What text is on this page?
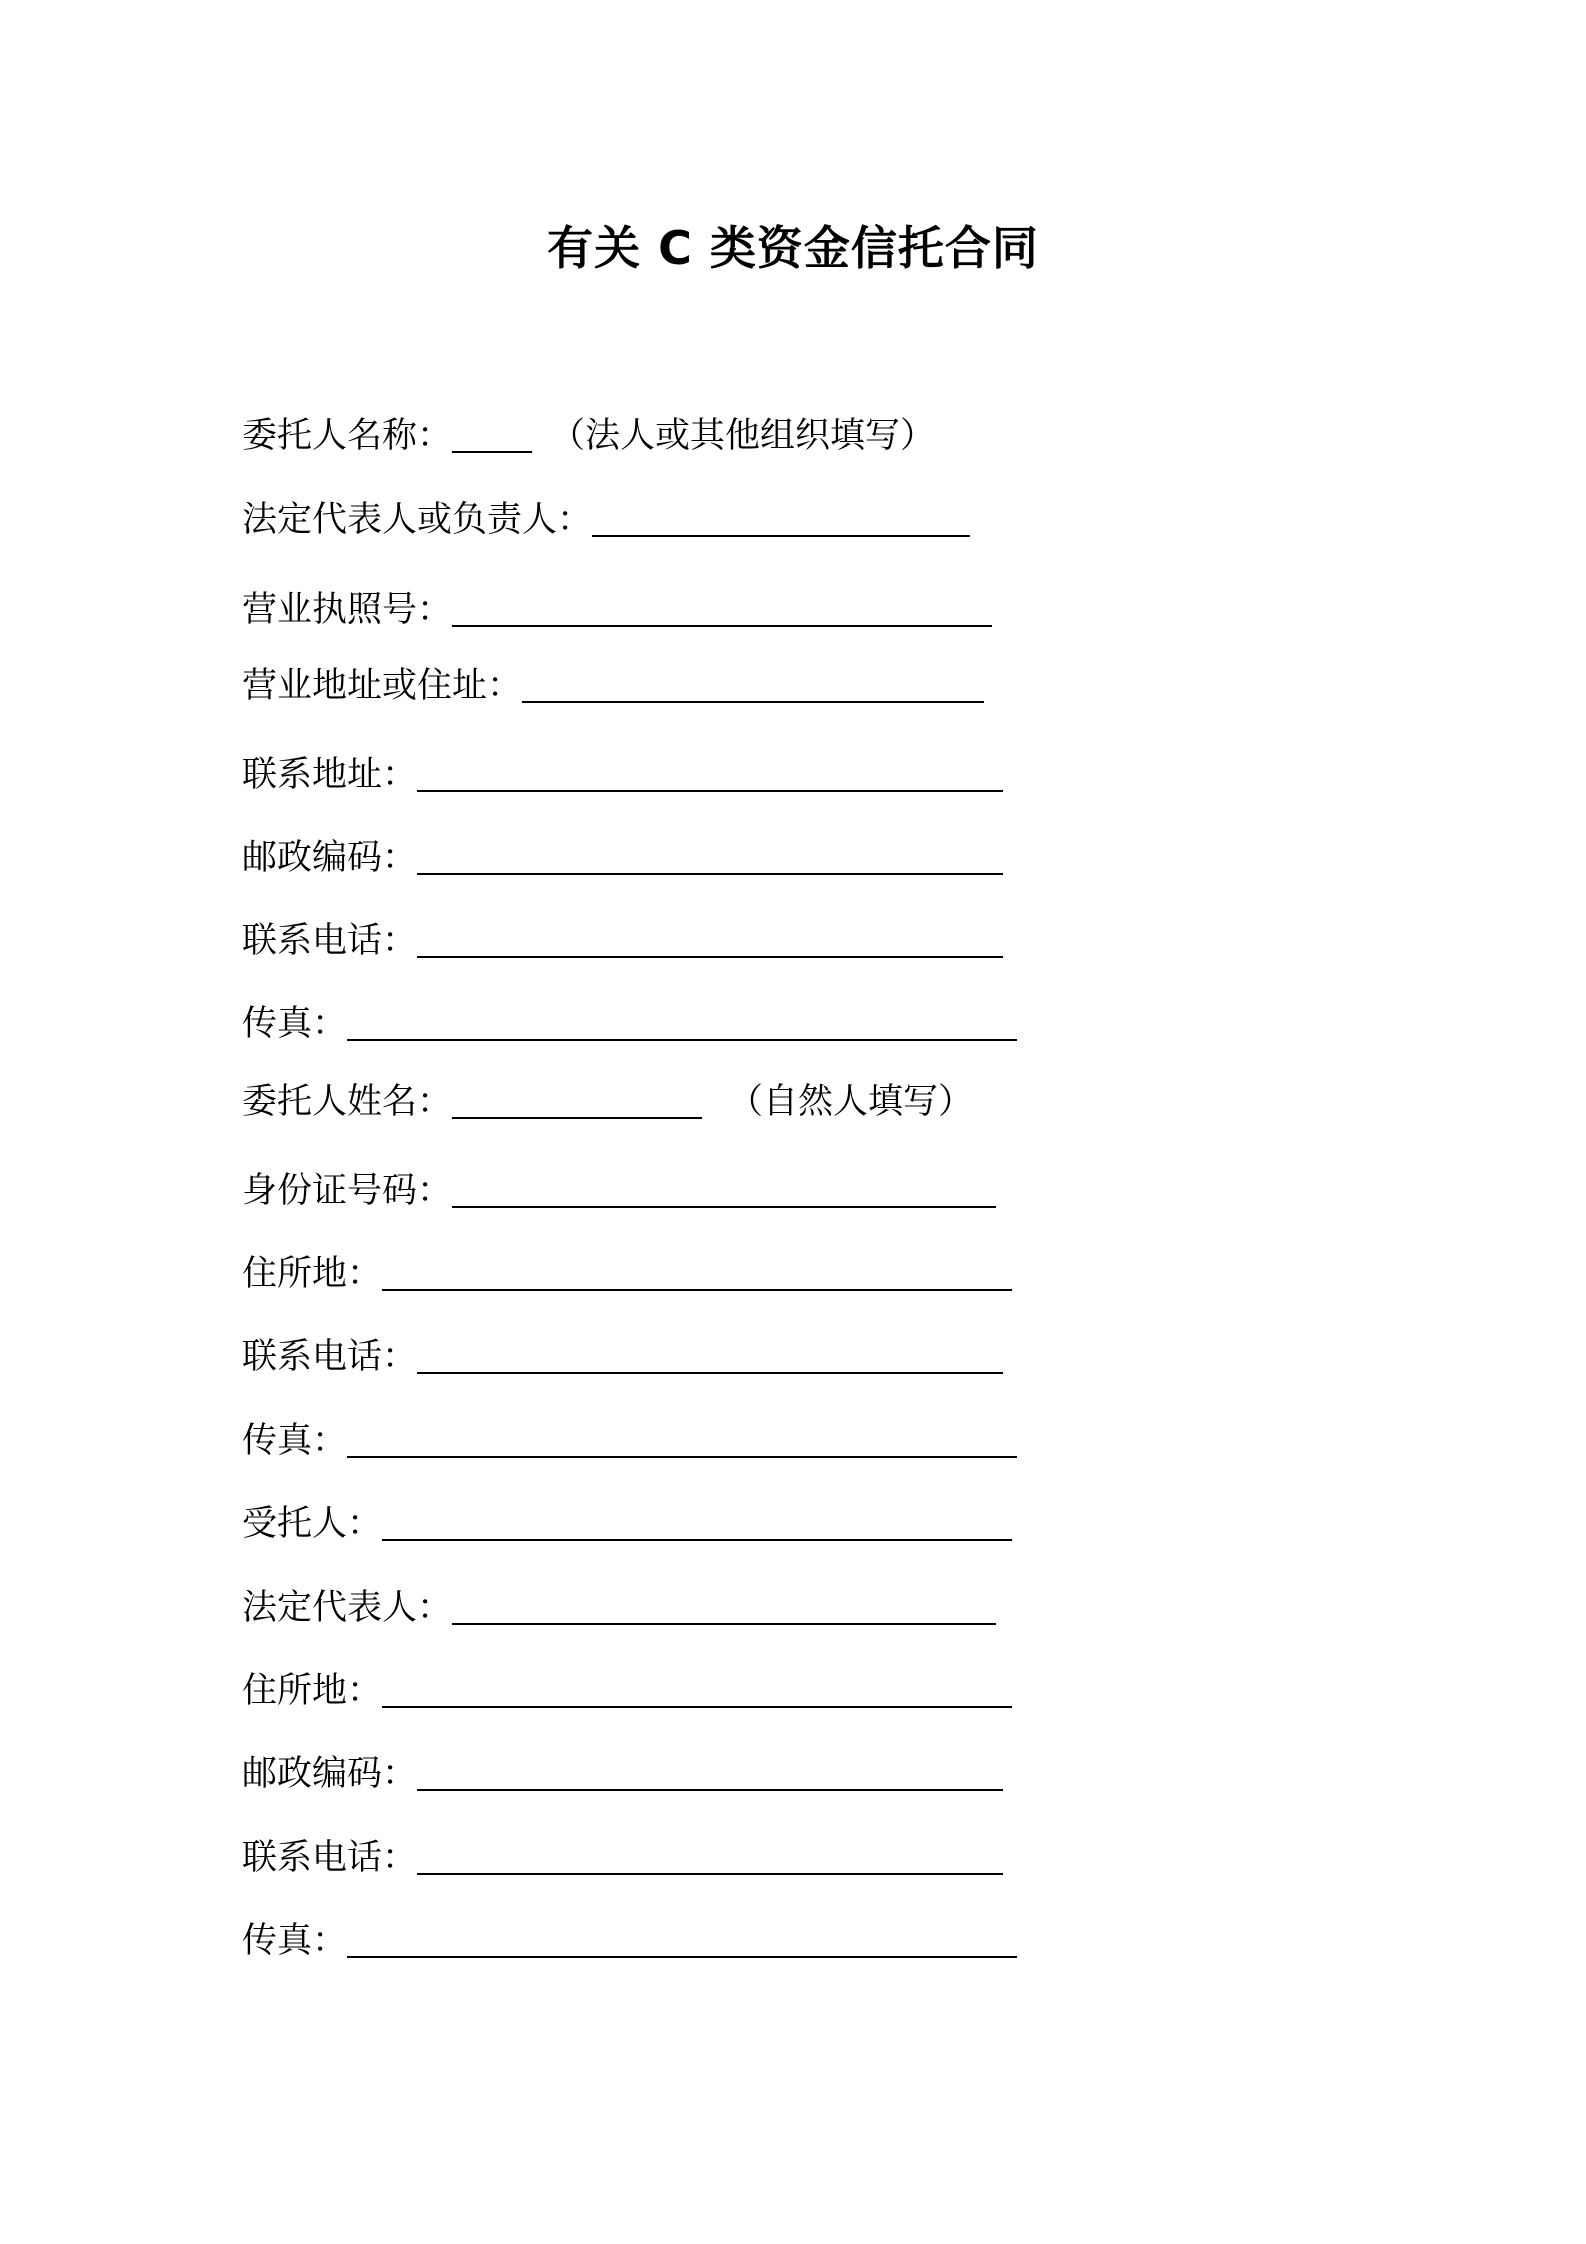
有关 C 类资金信托合同
委托人名称：	（法人或其他组织填写）
法定代表人或负责人：
营业执照号：
营业地址或住址：
联系地址：
邮政编码：
联系电话：
传真：
委托人姓名：	（自然人填写）
身份证号码：
住所地：
联系电话：
传真：
受托人：
法定代表人：
住所地：
邮政编码：
联系电话：
传真：
